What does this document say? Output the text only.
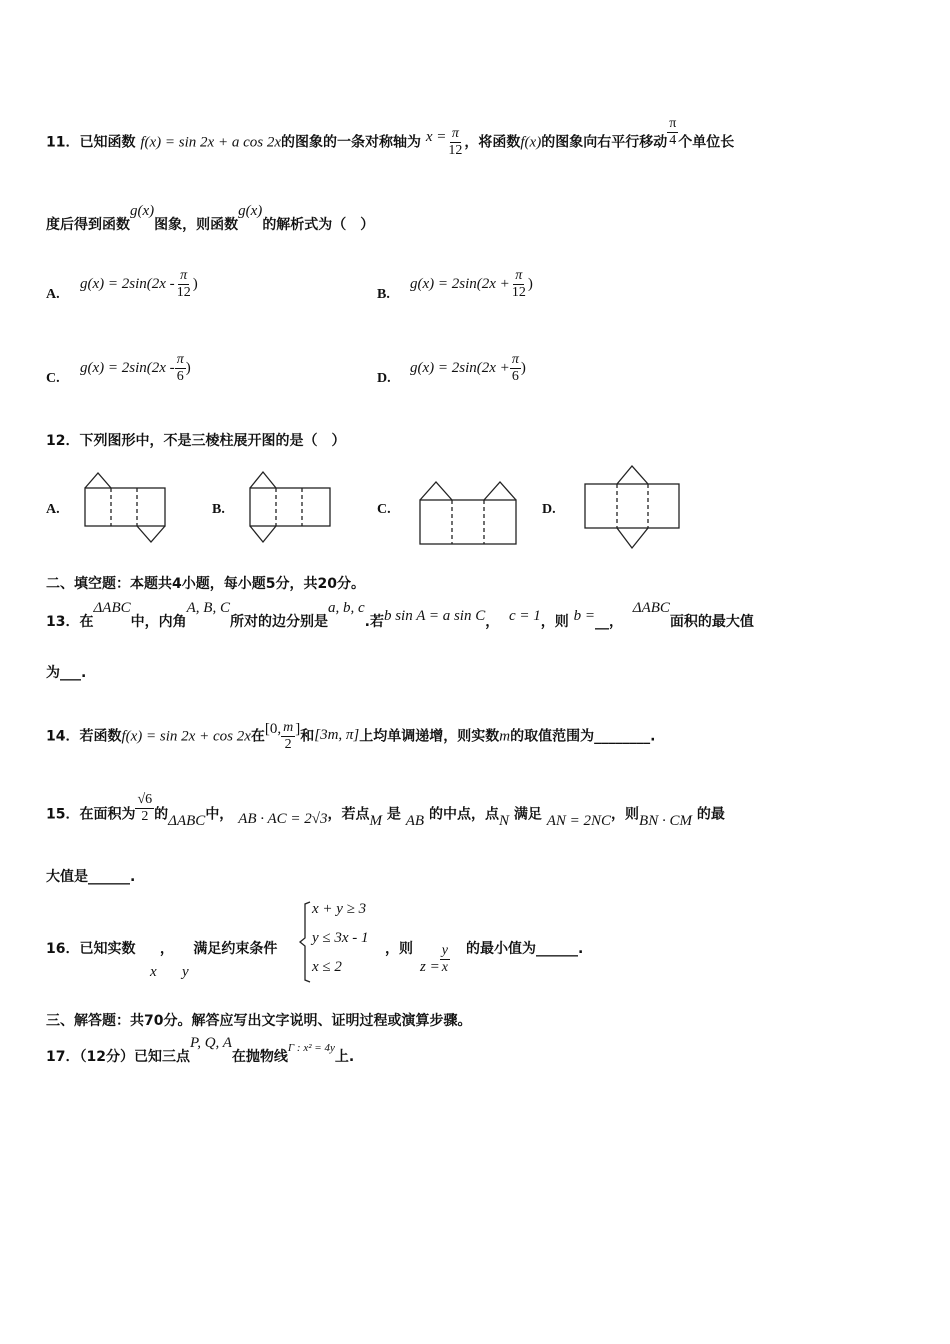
11．已知函数 f(x) = sin 2x + a cos 2x的图象的一条对称轴为 $x = \frac{\pi}{12}$ ，将函数f(x)的图象向右平行移动 $\frac{\pi}{4}$ 个单位长
度后得到函数g(x)图象，则函数g(x)的解析式为（　）
A.
$g(x) = 2\sin(2x - \frac{\pi}{12}$ )
B.
$g(x) = 2\sin(2x + \frac{\pi}{12}$ )
C.
$g(x) = 2\sin(2x - \frac{\pi}{6}$ )
D.
$g(x) = 2\sin(2x + \frac{\pi}{6}$ )
12．下列图形中，不是三棱柱展开图的是（　）
A.	B.	C.	D.
二、填空题：本题共4小题，每小题5分，共20分。
13．在ΔABC中，内角A, B, C所对的边分别是a, b, c.若b sin A = a sin C， c = 1，则 b =__，  ΔABC面积的最大值
为___.
14．若函数f(x) = sin 2x + cos 2x在[0, $\frac{m}{2}$ ]和[3m, π]上均单调递增，则实数m的取值范围为________.
15．在面积为 $\frac{√6}{2}$ 的ΔABC中， AB · AC = 2√3，若点M 是 AB 的中点，点N 满足 AN = 2NC，则BN · CM 的最
大值是______.
16．已知实数 ， 满足约束条件
x y
x + y ≥ 3
y ≤ 3x - 1
x ≤ 2
，则
$z = \frac{y}{x}$ 的最小值为______.
三、解答题：共70分。解答应写出文字说明、证明过程或演算步骤。
17．（12分）已知三点P, Q, A在抛物线$^{\Gamma : x^2 = 4y}$上.
